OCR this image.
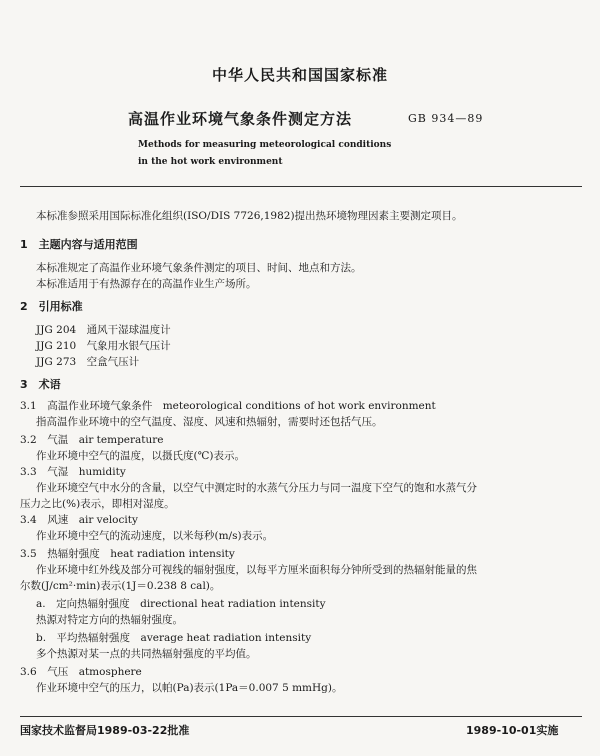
中华人民共和国国家标准
高温作业环境气象条件测定方法	GB 934—89
Methods for measuring meteorological conditions
in the hot work environment
本标准参照采用国际标准化组织(ISO/DIS 7726,1982)提出热环境物理因素主要测定项目。
1　主题内容与适用范围
本标准规定了高温作业环境气象条件测定的项目、时间、地点和方法。
本标准适用于有热源存在的高温作业生产场所。
2　引用标准
JJG 204　通风干湿球温度计
JJG 210　气象用水银气压计
JJG 273　空盒气压计
3　术语
3.1　高温作业环境气象条件　meteorological conditions of hot work environment
指高温作业环境中的空气温度、湿度、风速和热辐射，需要时还包括气压。
3.2　气温　air temperature
作业环境中空气的温度，以摄氏度(℃)表示。
3.3　气湿　humidity
作业环境空气中水分的含量，以空气中测定时的水蒸气分压力与同一温度下空气的饱和水蒸气分
压力之比(%)表示，即相对湿度。
3.4　风速　air velocity
作业环境中空气的流动速度，以米每秒(m/s)表示。
3.5　热辐射强度　heat radiation intensity
作业环境中红外线及部分可视线的辐射强度，以每平方厘米面积每分钟所受到的热辐射能量的焦
尔数(J/cm²·min)表示(1J＝0.238 8 cal)。
a.　定向热辐射强度　directional heat radiation intensity
热源对特定方向的热辐射强度。
b.　平均热辐射强度　average heat radiation intensity
多个热源对某一点的共同热辐射强度的平均值。
3.6　气压　atmosphere
作业环境中空气的压力，以帕(Pa)表示(1Pa＝0.007 5 mmHg)。
国家技术监督局1989-03-22批准	1989-10-01实施
